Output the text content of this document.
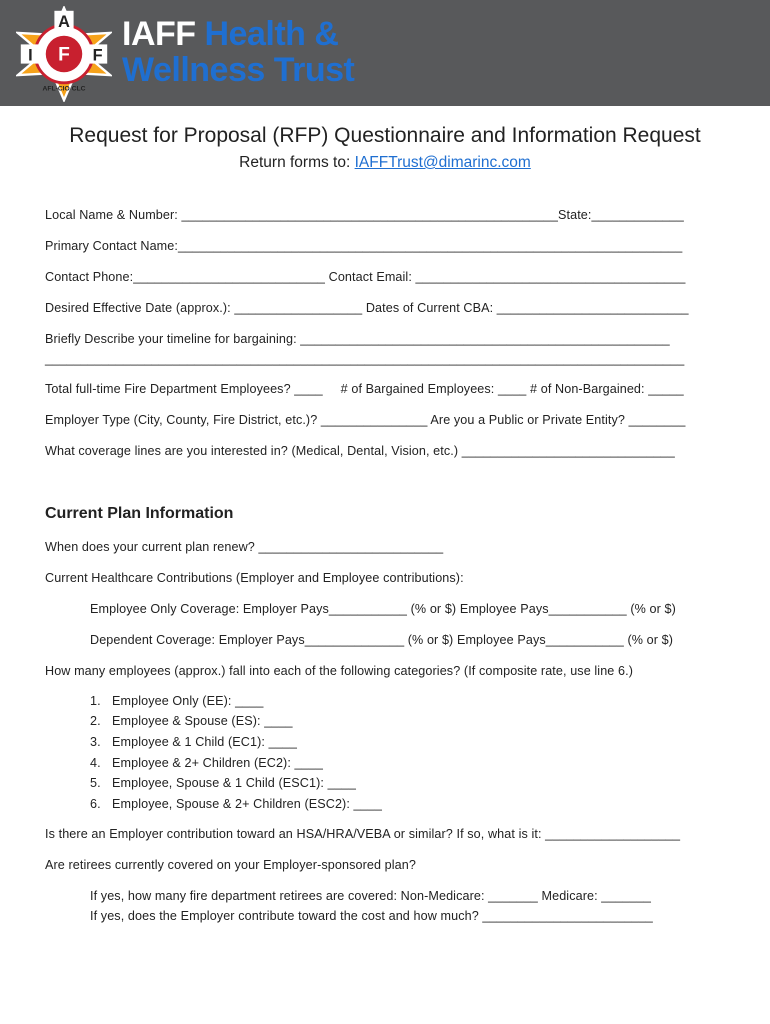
A
I	F
F
AFL-CIO CLC
IAFF Health &
Wellness Trust
Request for Proposal (RFP) Questionnaire and Information Request
Return forms to: IAFFTrust@dimarinc.com
Local Name & Number: _____________________________________________________State:_____________
Primary Contact Name:_______________________________________________________________________
Contact Phone:___________________________ Contact Email: ______________________________________
Desired Effective Date (approx.): __________________ Dates of Current CBA: ___________________________
Briefly Describe your timeline for bargaining: ____________________________________________________
__________________________________________________________________________________________
Total full-time Fire Department Employees? ____     # of Bargained Employees: ____ # of Non-Bargained: _____
Employer Type (City, County, Fire District, etc.)? _______________ Are you a Public or Private Entity? ________
What coverage lines are you interested in? (Medical, Dental, Vision, etc.) ______________________________
Current Plan Information
When does your current plan renew? __________________________
Current Healthcare Contributions (Employer and Employee contributions):
Employee Only Coverage: Employer Pays___________ (% or $) Employee Pays___________ (% or $)
Dependent Coverage: Employer Pays______________ (% or $) Employee Pays___________ (% or $)
How many employees (approx.) fall into each of the following categories? (If composite rate, use line 6.)
1. Employee Only (EE): ____
2. Employee & Spouse (ES): ____
3. Employee & 1 Child (EC1): ____
4. Employee & 2+ Children (EC2): ____
5. Employee, Spouse & 1 Child (ESC1): ____
6. Employee, Spouse & 2+ Children (ESC2): ____
Is there an Employer contribution toward an HSA/HRA/VEBA or similar? If so, what is it: ___________________
Are retirees currently covered on your Employer-sponsored plan?
If yes, how many fire department retirees are covered: Non-Medicare: _______ Medicare: _______
If yes, does the Employer contribute toward the cost and how much? ________________________
